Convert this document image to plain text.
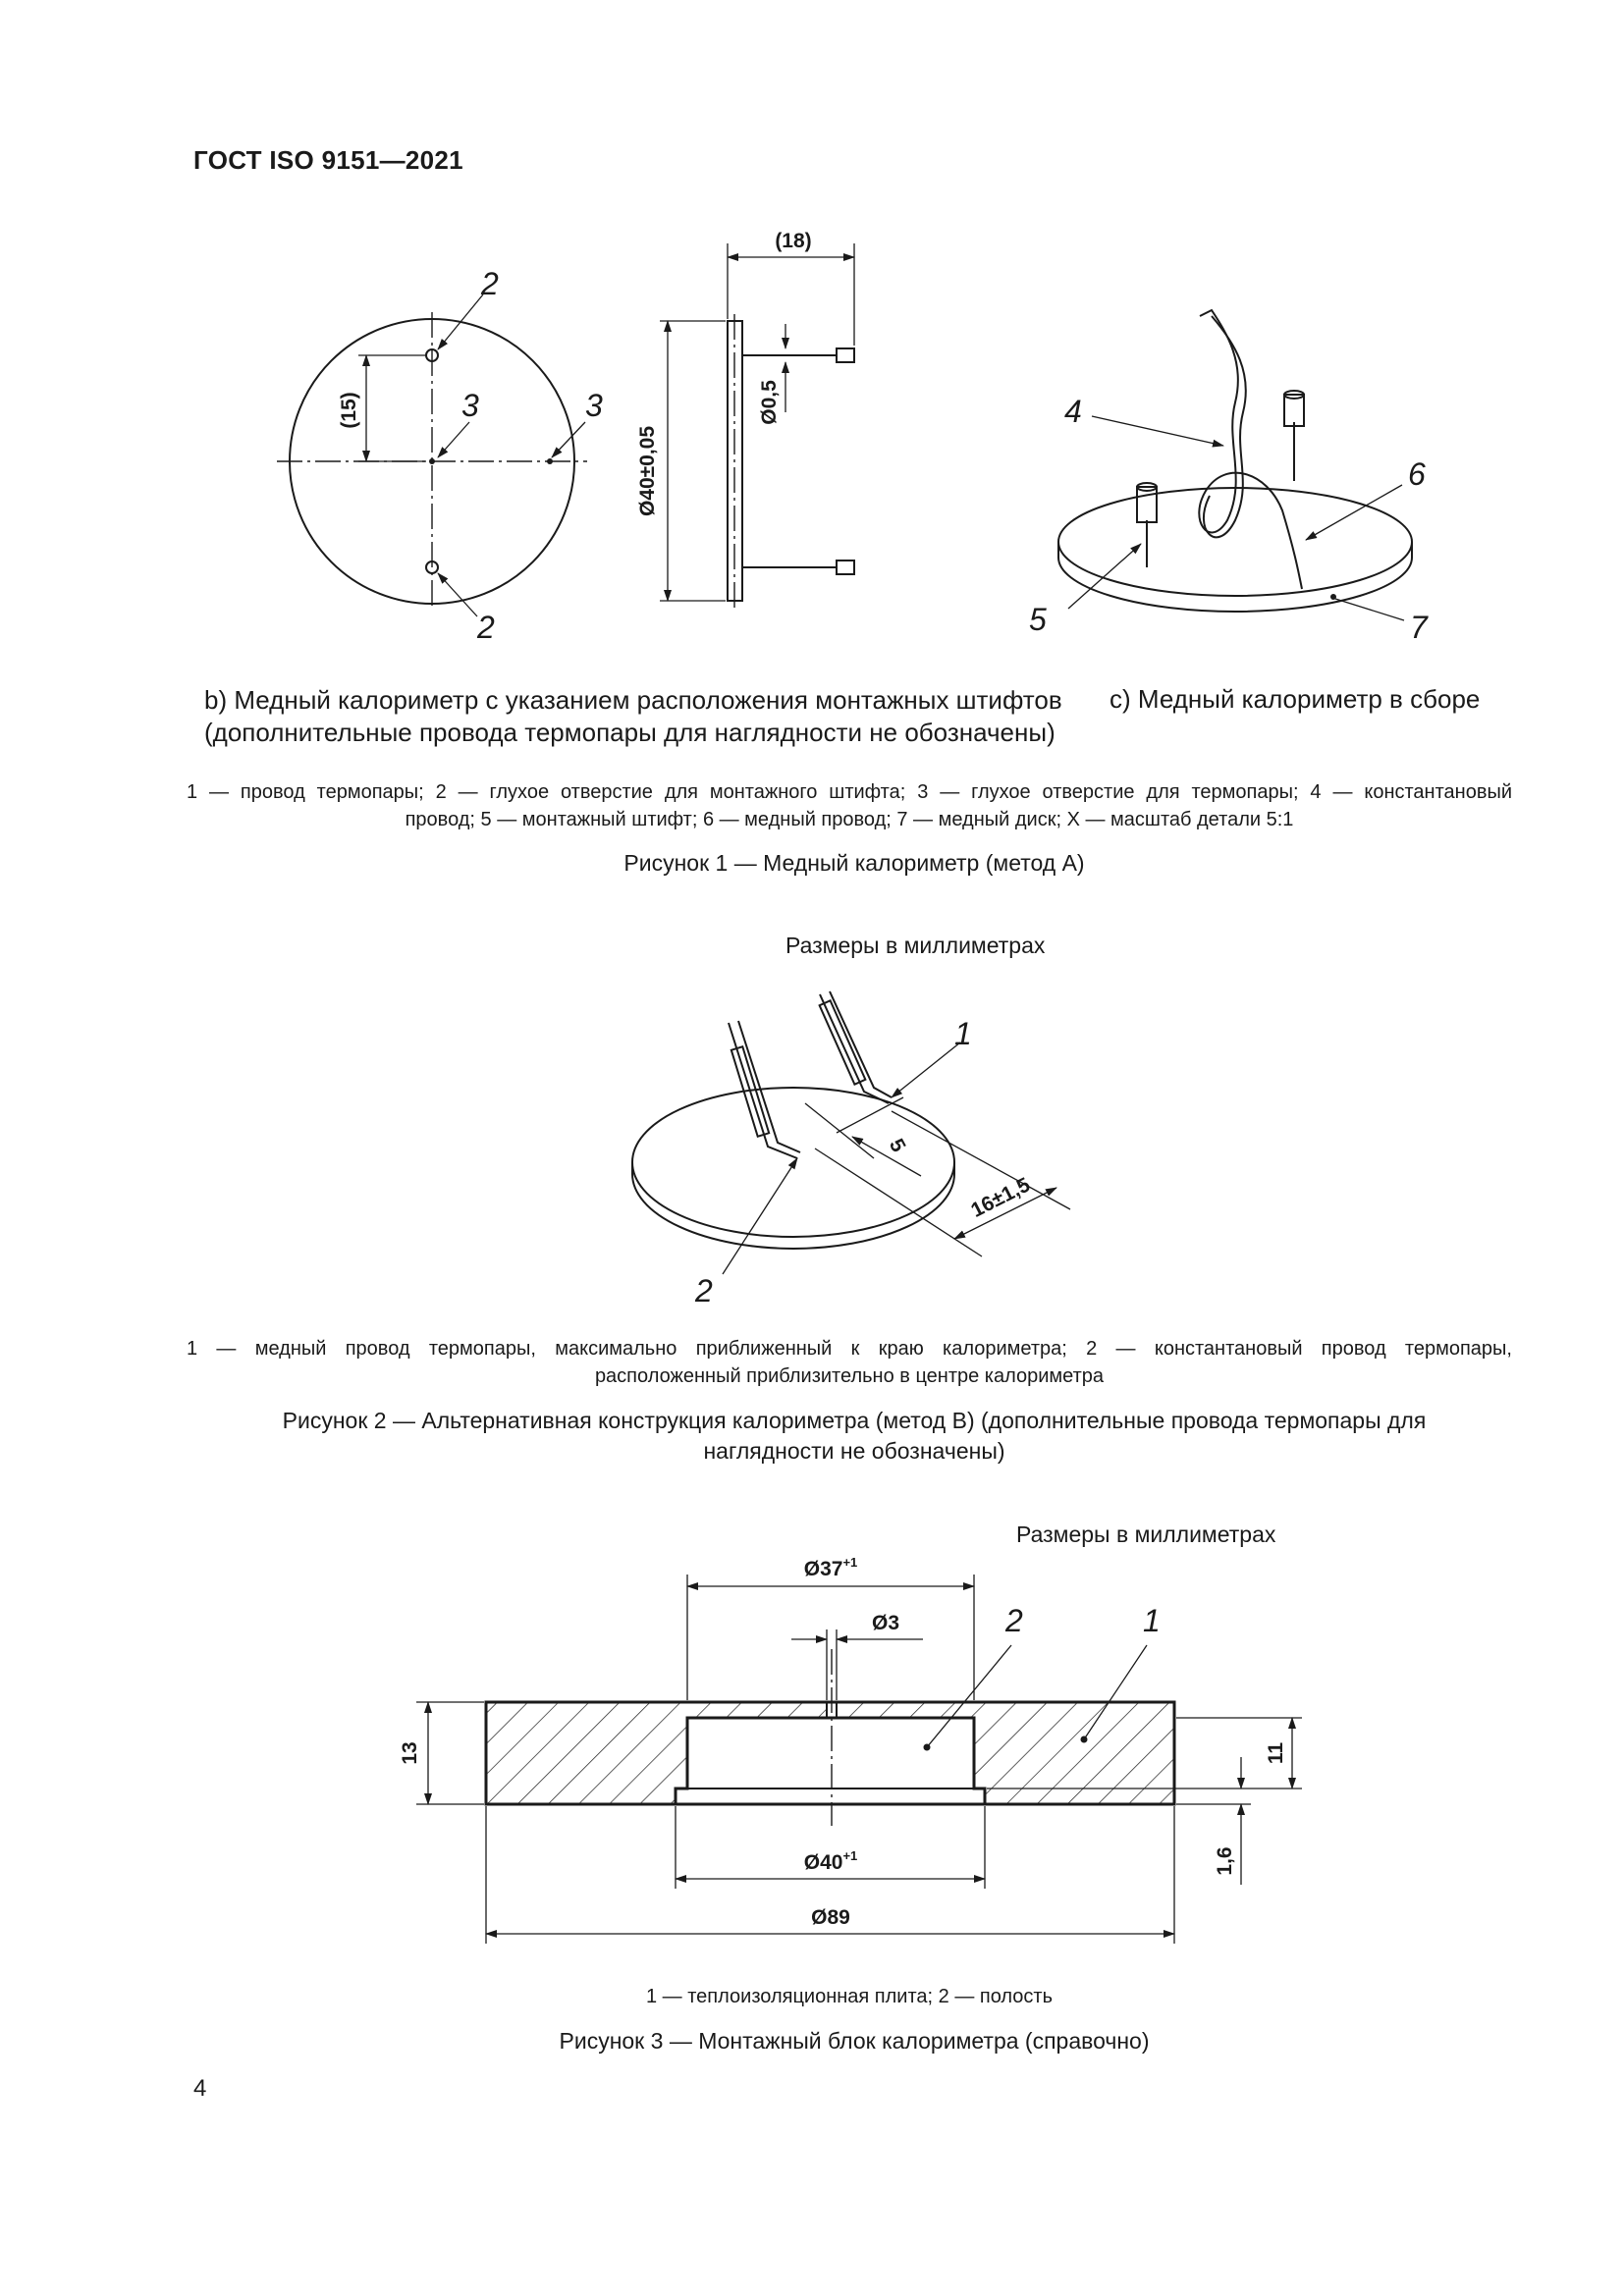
ГОСТ ISO 9151—2021
(15)
2
3	3
2
(18)
Ø40±0,05
Ø0,5	4
6
5	7
b) Медный калориметр с указанием расположения монтажных штифтов
(дополнительные провода термопары для наглядности не обозначены)
c) Медный калориметр в сборе
1 — провод термопары; 2 — глухое отверстие для монтажного штифта; 3 — глухое отверстие для термопары; 4 — константановый
провод; 5 — монтажный штифт; 6 — медный провод; 7 — медный диск; X — масштаб детали 5:1
Рисунок 1 — Медный калориметр (метод А)
Размеры в миллиметрах
5
16±1,5
1
2
1 — медный провод термопары, максимально приближенный к краю калориметра; 2 — константановый провод термопары,
расположенный приблизительно в центре калориметра
Рисунок 2 — Альтернативная конструкция калориметра (метод В) (дополнительные провода термопары для
наглядности не обозначены)
Размеры в миллиметрах
$Ø37^{+1}$
Ø3
$Ø40^{+1}$
Ø89
13	11
1,6
2	1
1 — теплоизоляционная плита; 2 — полость
Рисунок 3 — Монтажный блок калориметра (справочно)
4
